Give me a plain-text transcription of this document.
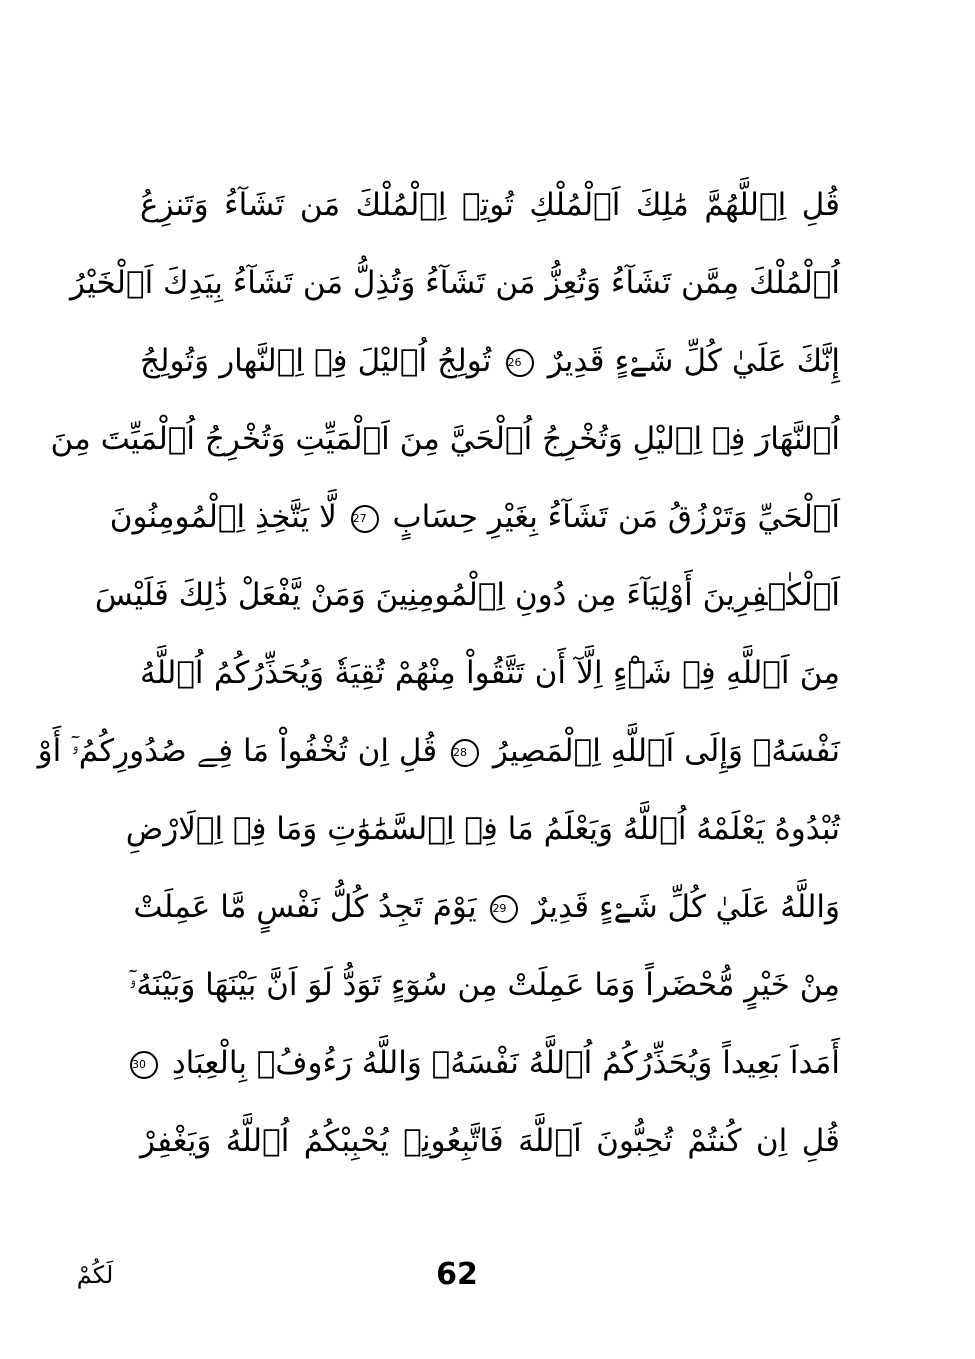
قُلِ اِ۬للَّهُمَّ مَٰلِكَ اَ۬لْمُلْكِ تُوتِے اِ۬لْمُلْكَ مَن تَشَآءُ وَتَنزِعُ
اُ۬لْمُلْكَ مِمَّن تَشَآءُ وَتُعِزُّ مَن تَشَآءُ وَتُذِلُّ مَن تَشَآءُ بِيَدِكَ اَ۬لْخَيْرُ
إِنَّكَ عَلَيٰ كُلِّ شَےْءٍ قَدِيرٌ 26 تُولِجُ اُ۬ليْلَ فِے اِ۬لنَّهار وَتُولِجُ
اُ۬لنَّهَارَ فِے اِ۬ليْلِ وَتُخْرِجُ اُ۬لْحَيَّ مِنَ اَ۬لْمَيِّتِ وَتُخْرِجُ اُ۬لْمَيِّتَ مِنَ
اَ۬لْحَيِّ وَتَرْزُقُ مَن تَشَآءُ بِغَيْرِ حِسَابٍ 27 لَّا يَتَّخِذِ اِ۬لْمُومِنُونَ
اَ۬لْكٰ۪فِرِينَ أَوْلِيَآءَ مِن دُونِ اِ۬لْمُومِنِينَ وَمَنْ يَّفْعَلْ ذَٰلِكَ فَلَيْسَ
مِنَ اَ۬للَّهِ فِے شَےْءٍ اِلَّآ أَن تَتَّقُواْ مِنْهُمْ تُقِيَةٗ وَيُحَذِّرُكُمُ اُ۬للَّهُ
نَفْسَهُۥ وَإِلَى اَ۬للَّهِ اِ۬لْمَصِيرُ 28 قُلِ اِن تُخْفُواْ مَا فِے صُدُورِكُمُۥٓ أَوْ
تُبْدُوهُ يَعْلَمْهُ اُ۬للَّهُ وَيَعْلَمُ مَا فِے اِ۬لسَّمَٰوَٰتِ وَمَا فِے اِ۬لَارْضِ
وَاللَّهُ عَلَيٰ كُلِّ شَےْءٍ قَدِيرٌ 29 يَوْمَ تَجِدُ كُلُّ نَفْسٍ مَّا عَمِلَتْ
مِنْ خَيْرٍ مُّحْضَراً وَمَا عَمِلَتْ مِن سُوٓءٍ تَوَدُّ لَوَ اَنَّ بَيْنَهَا وَبَيْنَهُۥٓ
أَمَداَ بَعِيداً وَيُحَذِّرُكُمُ اُ۬للَّهُ نَفْسَهُۥ وَاللَّهُ رَءُوفُۢ بِالْعِبَادِ 30
قُلِ اِن كُنتُمْ تُحِبُّونَ اَ۬للَّهَ فَاتَّبِعُونِے يُحْبِبْكُمُ اُ۬للَّهُ وَيَغْفِرْ
62
لَكُمْ
